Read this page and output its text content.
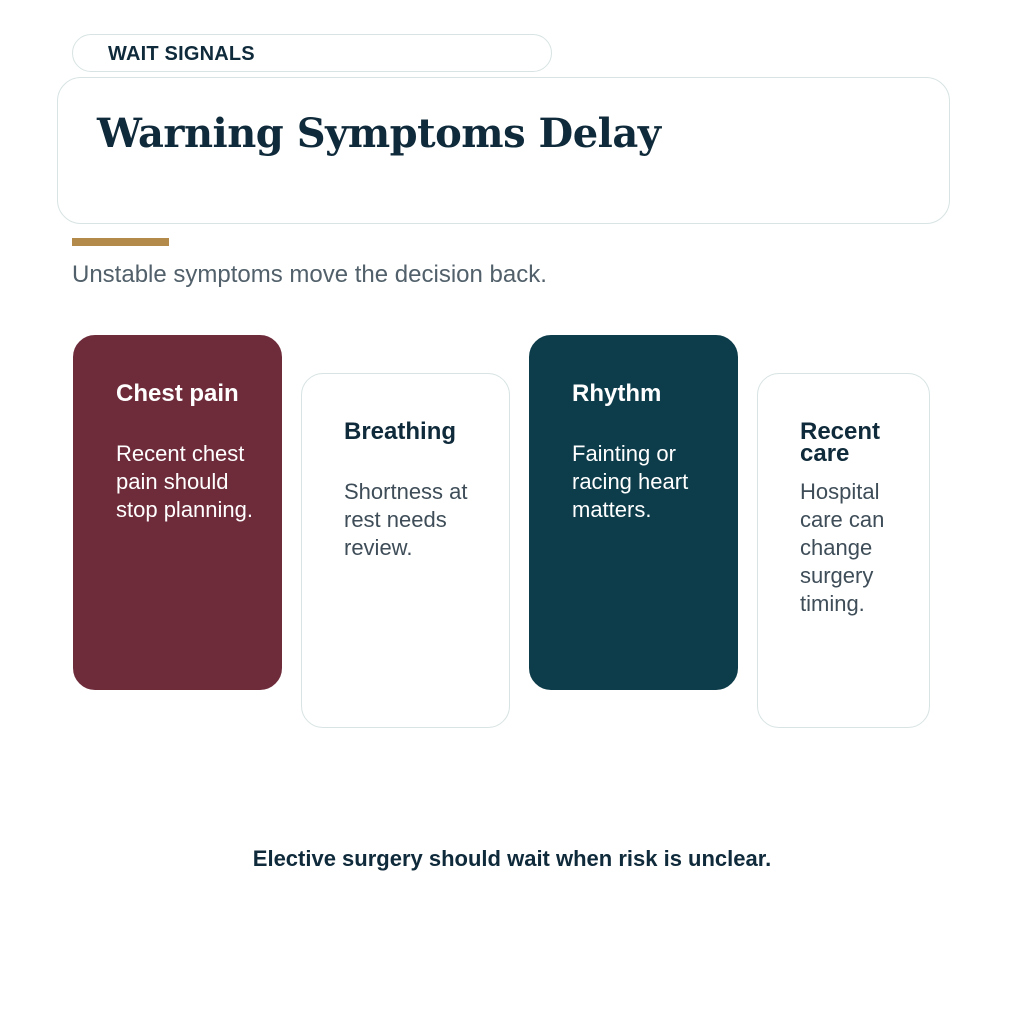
WAIT SIGNALS
Warning Symptoms Delay
Unstable symptoms move the decision back.
Chest pain
Recent chest pain should stop planning.
Breathing
Shortness at rest needs review.
Rhythm
Fainting or racing heart matters.
Recent care
Hospital care can change surgery timing.
Elective surgery should wait when risk is unclear.
